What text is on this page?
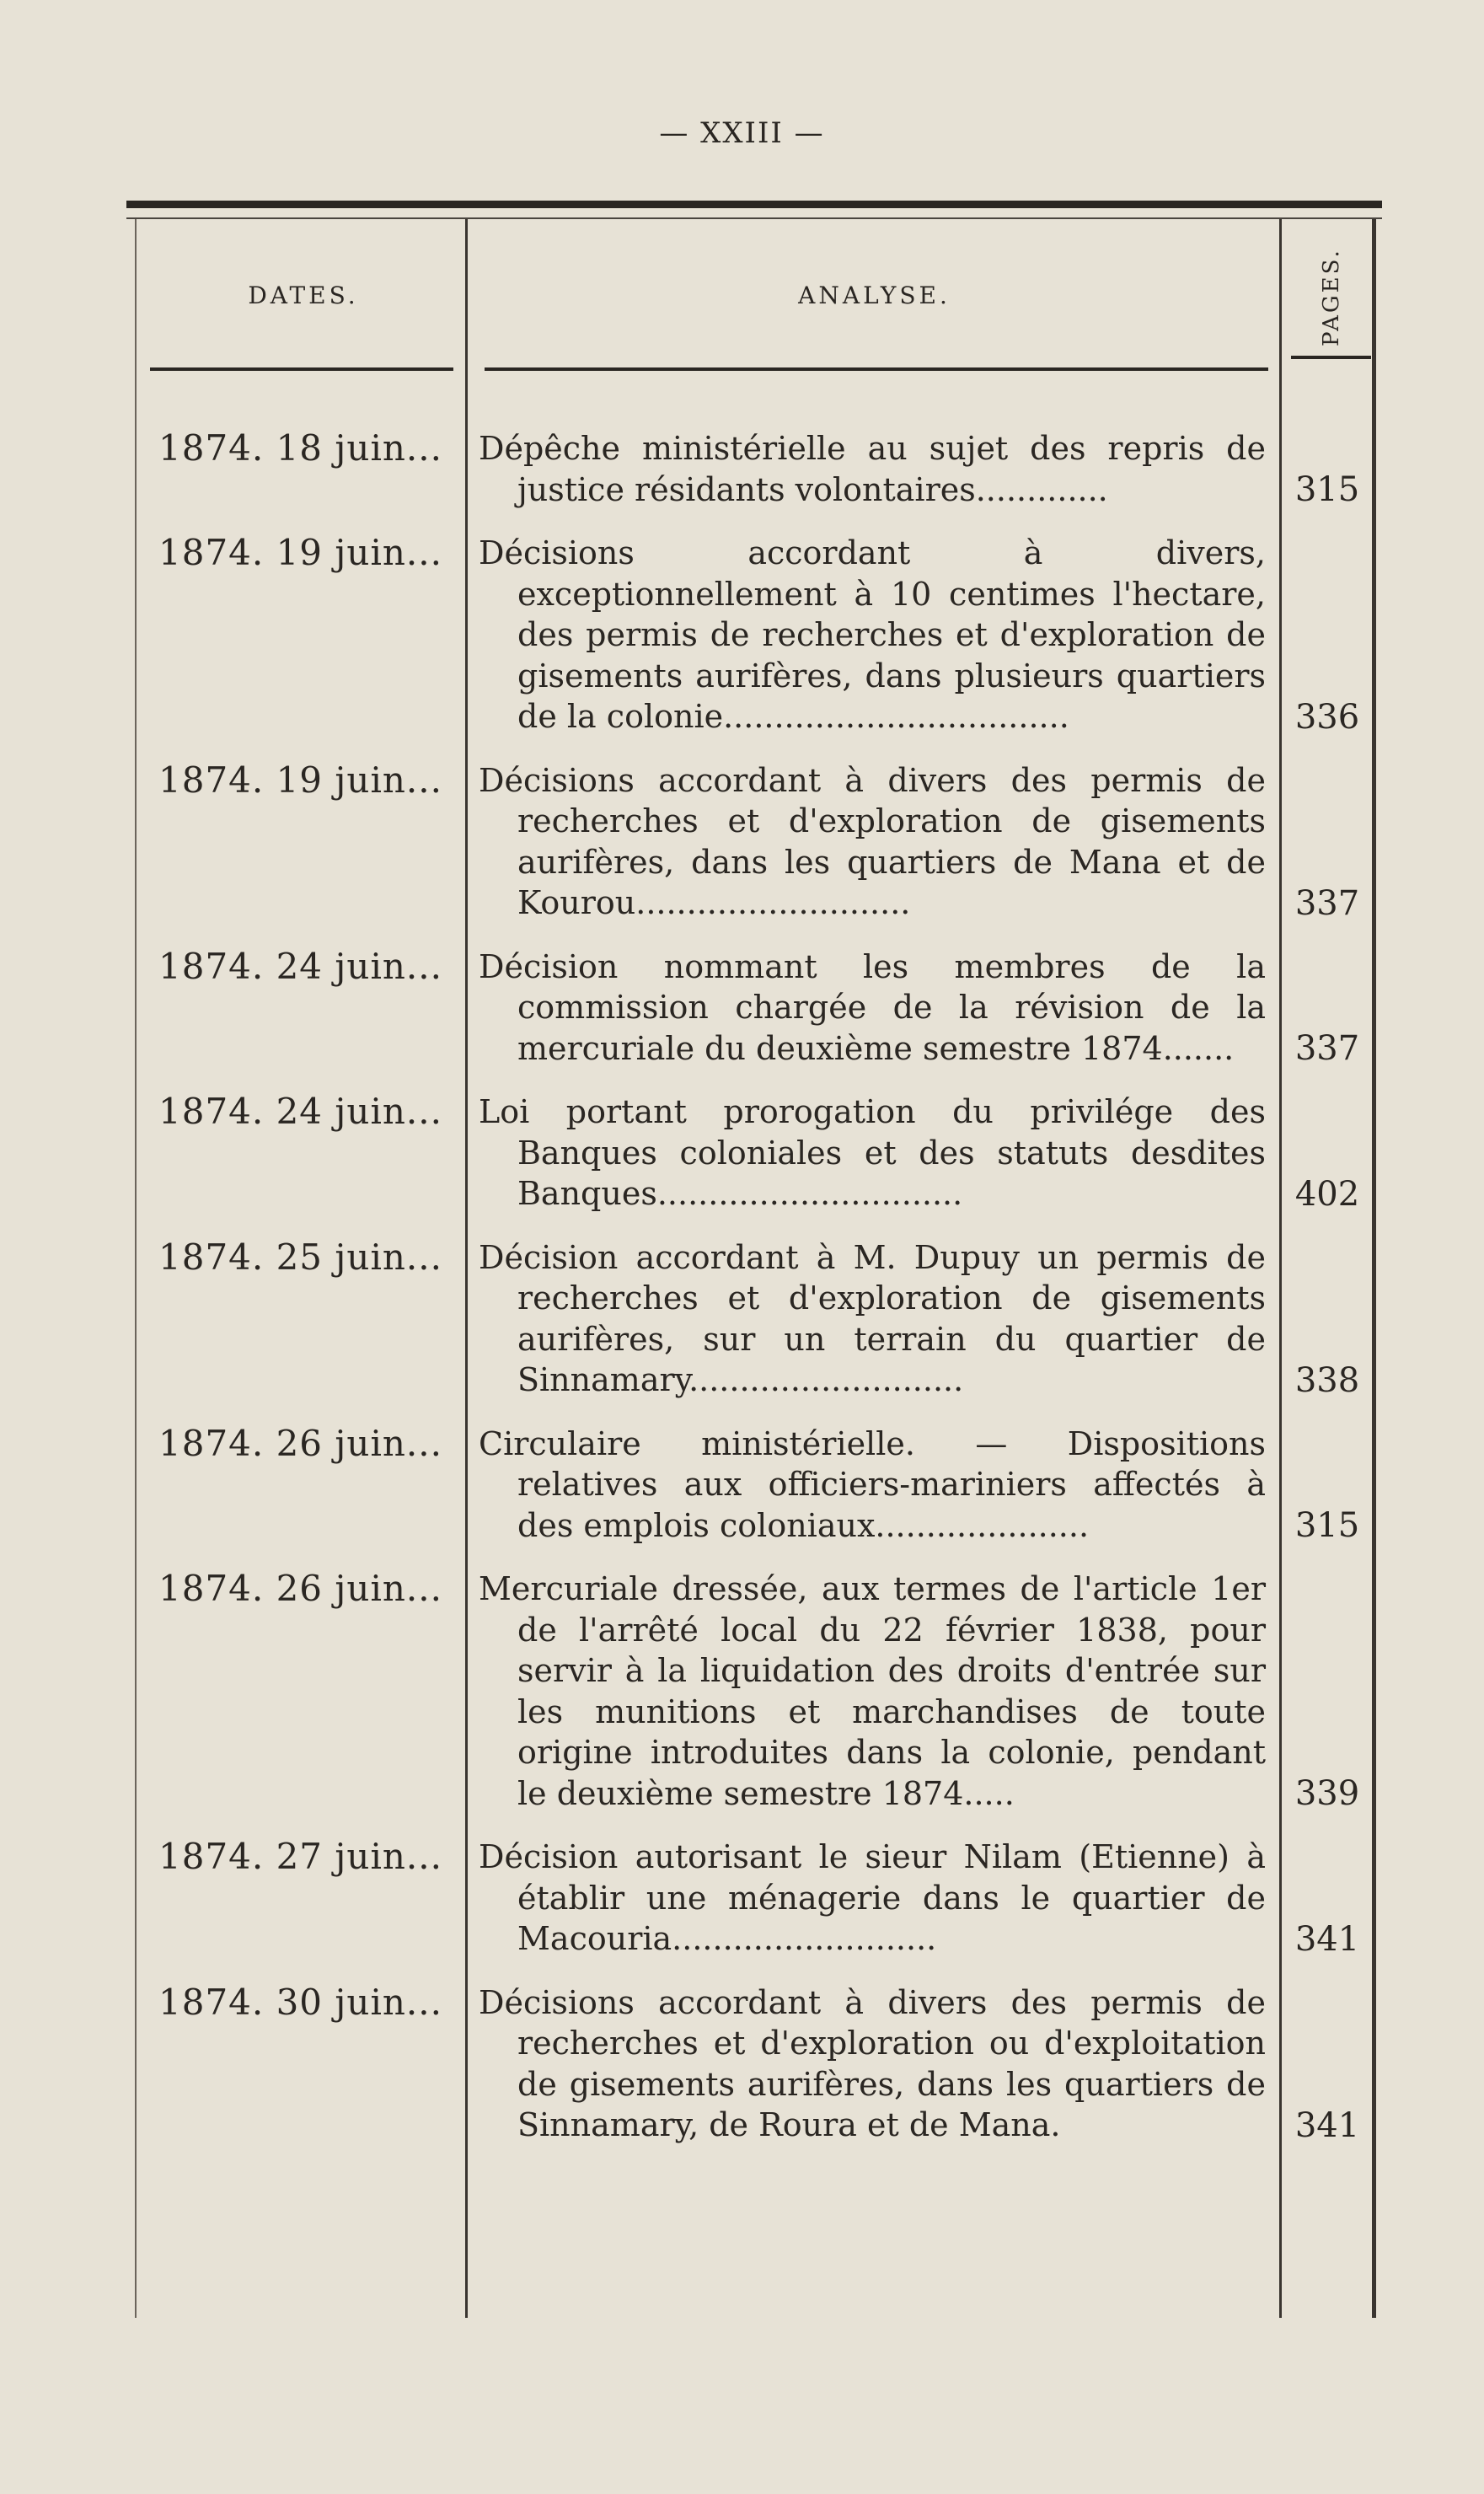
— XXIII —
DATES.	ANALYSE.	PAGES.
1874. 18 juin...	Dépêche ministérielle au sujet des repris de justice résidants volontaires.............	315
1874. 19 juin...	Décisions accordant à divers, exceptionnellement à 10 centimes l'hectare, des permis de recherches et d'exploration de gisements aurifères, dans plusieurs quartiers de la colonie..................................	336
1874. 19 juin...	Décisions accordant à divers des permis de recherches et d'exploration de gisements aurifères, dans les quartiers de Mana et de Kourou...........................	337
1874. 24 juin...	Décision nommant les membres de la commission chargée de la révision de la mercuriale du deuxième semestre 1874.......	337
1874. 24 juin...	Loi portant prorogation du privilége des Banques coloniales et des statuts desdites Banques..............................	402
1874. 25 juin...	Décision accordant à M. Dupuy un permis de recherches et d'exploration de gisements aurifères, sur un terrain du quartier de Sinnamary...........................	338
1874. 26 juin...	Circulaire ministérielle. — Dispositions relatives aux officiers-mariniers affectés à des emplois coloniaux.....................	315
1874. 26 juin...	Mercuriale dressée, aux termes de l'article 1er de l'arrêté local du 22 février 1838, pour servir à la liquidation des droits d'entrée sur les munitions et marchandises de toute origine introduites dans la colonie, pendant le deuxième semestre 1874.....	339
1874. 27 juin...	Décision autorisant le sieur Nilam (Etienne) à établir une ménagerie dans le quartier de Macouria..........................	341
1874. 30 juin...	Décisions accordant à divers des permis de recherches et d'exploration ou d'exploitation de gisements aurifères, dans les quartiers de Sinnamary, de Roura et de Mana.	341
